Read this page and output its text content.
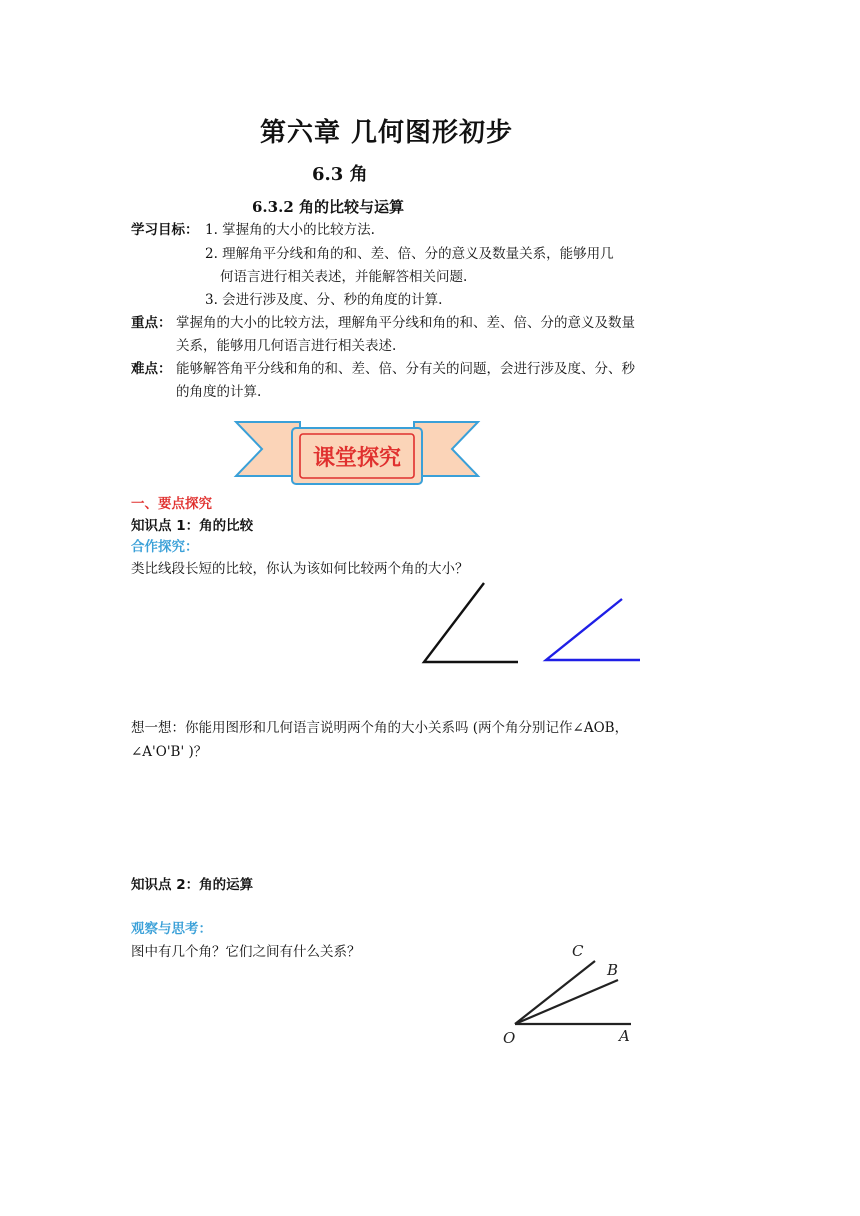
第六章 几何图形初步
6.3 角
6.3.2 角的比较与运算
学习目标： 1. 掌握角的大小的比较方法.
2. 理解角平分线和角的和、差、倍、分的意义及数量关系，能够用几
何语言进行相关表述，并能解答相关问题.
3. 会进行涉及度、分、秒的角度的计算.
重点： 掌握角的大小的比较方法，理解角平分线和角的和、差、倍、分的意义及数量
关系，能够用几何语言进行相关表述.
难点： 能够解答角平分线和角的和、差、倍、分有关的问题，会进行涉及度、分、秒
的角度的计算.
课堂探究
一、要点探究
知识点 1：角的比较
合作探究：
类比线段长短的比较，你认为该如何比较两个角的大小？
想一想：你能用图形和几何语言说明两个角的大小关系吗 (两个角分别记作∠AOB，
∠A'O'B' )？
知识点 2：角的运算
观察与思考：
图中有几个角？它们之间有什么关系？
O	A
B
C
